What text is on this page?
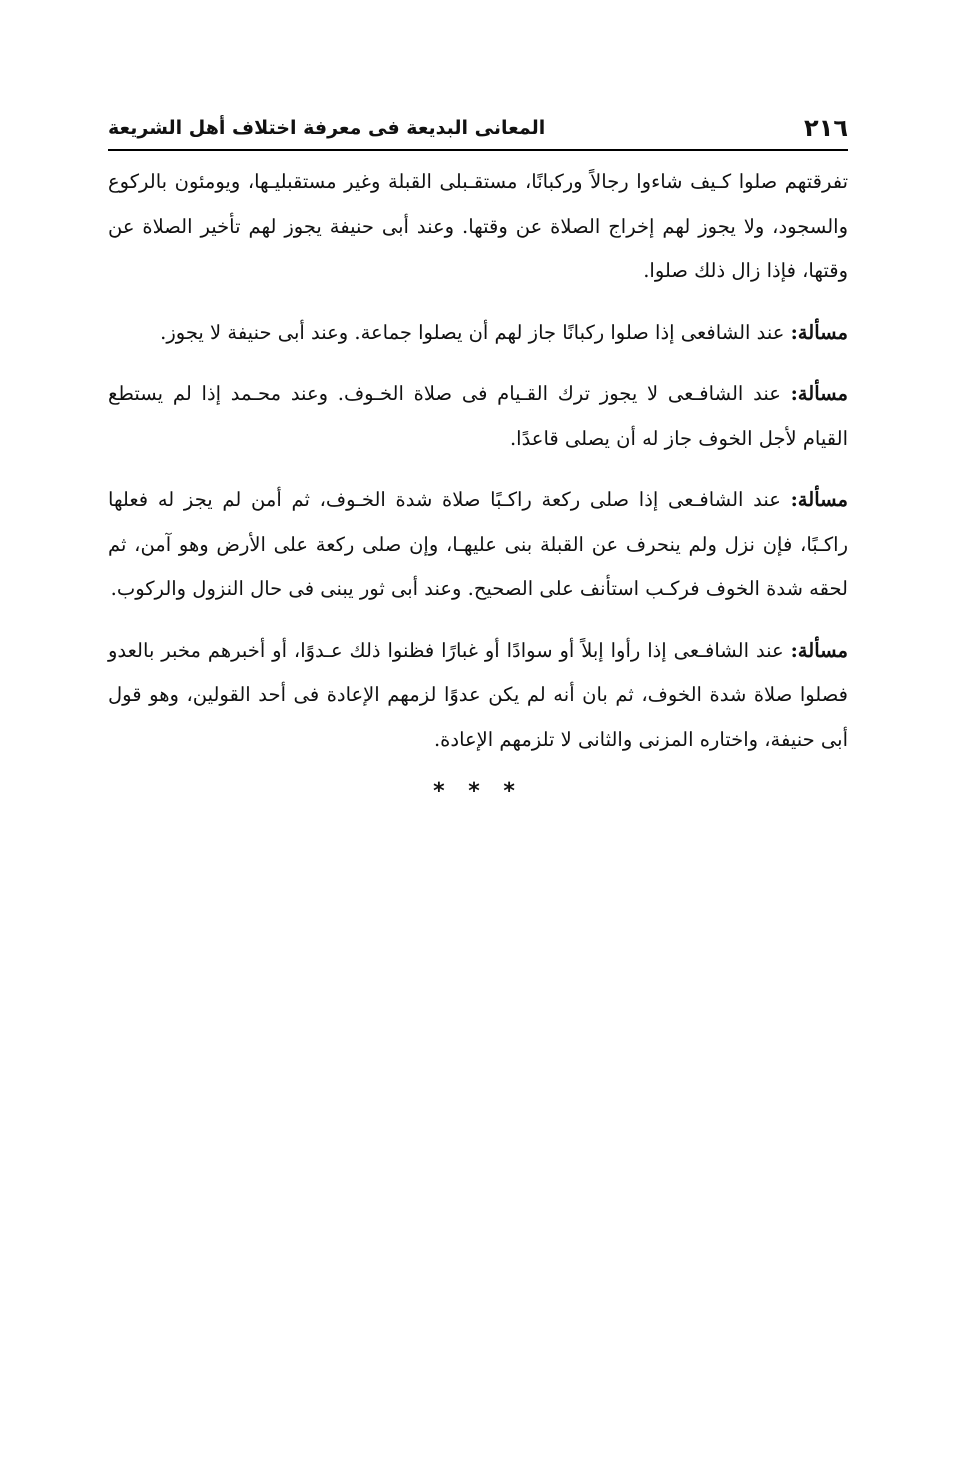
٢١٦
المعانى البديعة فى معرفة اختلاف أهل الشريعة

تفرقتهم صلوا كـيف شاءوا رجالاً وركبانًا، مستقـبلى القبلة وغير مستقبليـها، ويومئون بالركوع والسجود، ولا يجوز لهم إخراج الصلاة عن وقتها. وعند أبى حنيفة يجوز لهم تأخير الصلاة عن وقتها، فإذا زال ذلك صلوا.

مسألة: عند الشافعى إذا صلوا ركبانًا جاز لهم أن يصلوا جماعة. وعند أبى حنيفة لا يجوز.

مسألة: عند الشافـعى لا يجوز ترك القـيام فى صلاة الخـوف. وعند محـمد إذا لم يستطع القيام لأجل الخوف جاز له أن يصلى قاعدًا.

مسألة: عند الشافـعى إذا صلى ركعة راكـبًا صلاة شدة الخـوف، ثم أمن لم يجز له فعلها راكـبًا، فإن نزل ولم ينحرف عن القبلة بنى عليهـا، وإن صلى ركعة على الأرض وهو آمن، ثم لحقه شدة الخوف فركـب استأنف على الصحيح. وعند أبى ثور يبنى فى حال النزول والركوب.

مسألة: عند الشافـعى إذا رأوا إبلاً أو سوادًا أو غبارًا فظنوا ذلك عـدوًا، أو أخبرهم مخبر بالعدو فصلوا صلاة شدة الخوف، ثم بان أنه لم يكن عدوًا لزمهم الإعادة فى أحد القولين، وهو قول أبى حنيفة، واختاره المزنى والثانى لا تلزمهم الإعادة.

* * *
